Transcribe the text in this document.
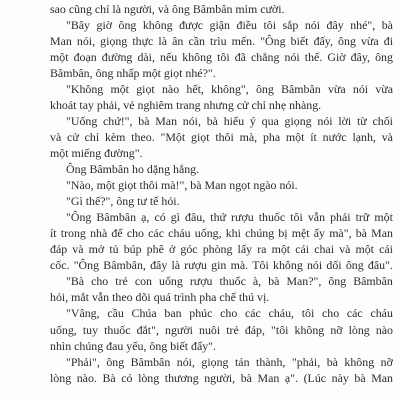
sao cũng chỉ là người, và ông Bâmbân mỉm cười.
"Bây giờ ông không được giận điều tôi sắp nói đây nhé", bà
Man nói, giọng thực là ân cần trìu mến. "Ông biết đấy, ông vừa đi
một đoạn đường dài, nếu không tôi đã chẳng nói thế. Giờ đây, ông
Bâmbân, ông nhấp một giọt nhé?".
"Không một giọt nào hết, không", ông Bâmbân vừa nói vừa
khoát tay phải, vẻ nghiêm trang nhưng cử chỉ nhẹ nhàng.
"Uống chứ!", bà Man nói, bà hiểu ý qua giọng nói lời từ chối
và cử chỉ kèm theo. "Một giọt thôi mà, pha một ít nước lạnh, và
một miếng đường".
Ông Bâmbân ho dặng hắng.
"Nào, một giọt thôi mà!", bà Man ngọt ngào nói.
"Gì thế?", ông tư tế hỏi.
"Ông Bâmbân ạ, có gì đâu, thứ rượu thuốc tôi vẫn phải trữ một
ít trong nhà để cho các cháu uống, khi chúng bị mệt ấy mà", bà Man
đáp và mở tủ búp phê ở góc phòng lấy ra một cái chai và một cái
cốc. "Ông Bâmbân, đây là rượu gin mà. Tôi không nói dối ông đâu".
"Bà cho trẻ con uống rượu thuốc à, bà Man?", ông Bâmbân
hỏi, mắt vẫn theo dõi quá trình pha chế thú vị.
"Vâng, cầu Chúa ban phúc cho các cháu, tôi cho các cháu
uống, tuy thuốc đắt", người nuôi trẻ đáp, "tôi không nỡ lòng nào
nhìn chúng đau yếu, ông biết đấy".
"Phải", ông Bâmbân nói, giọng tán thành, "phải, bà không nỡ
lòng nào. Bà có lòng thương người, bà Man ạ". (Lúc này bà Man
